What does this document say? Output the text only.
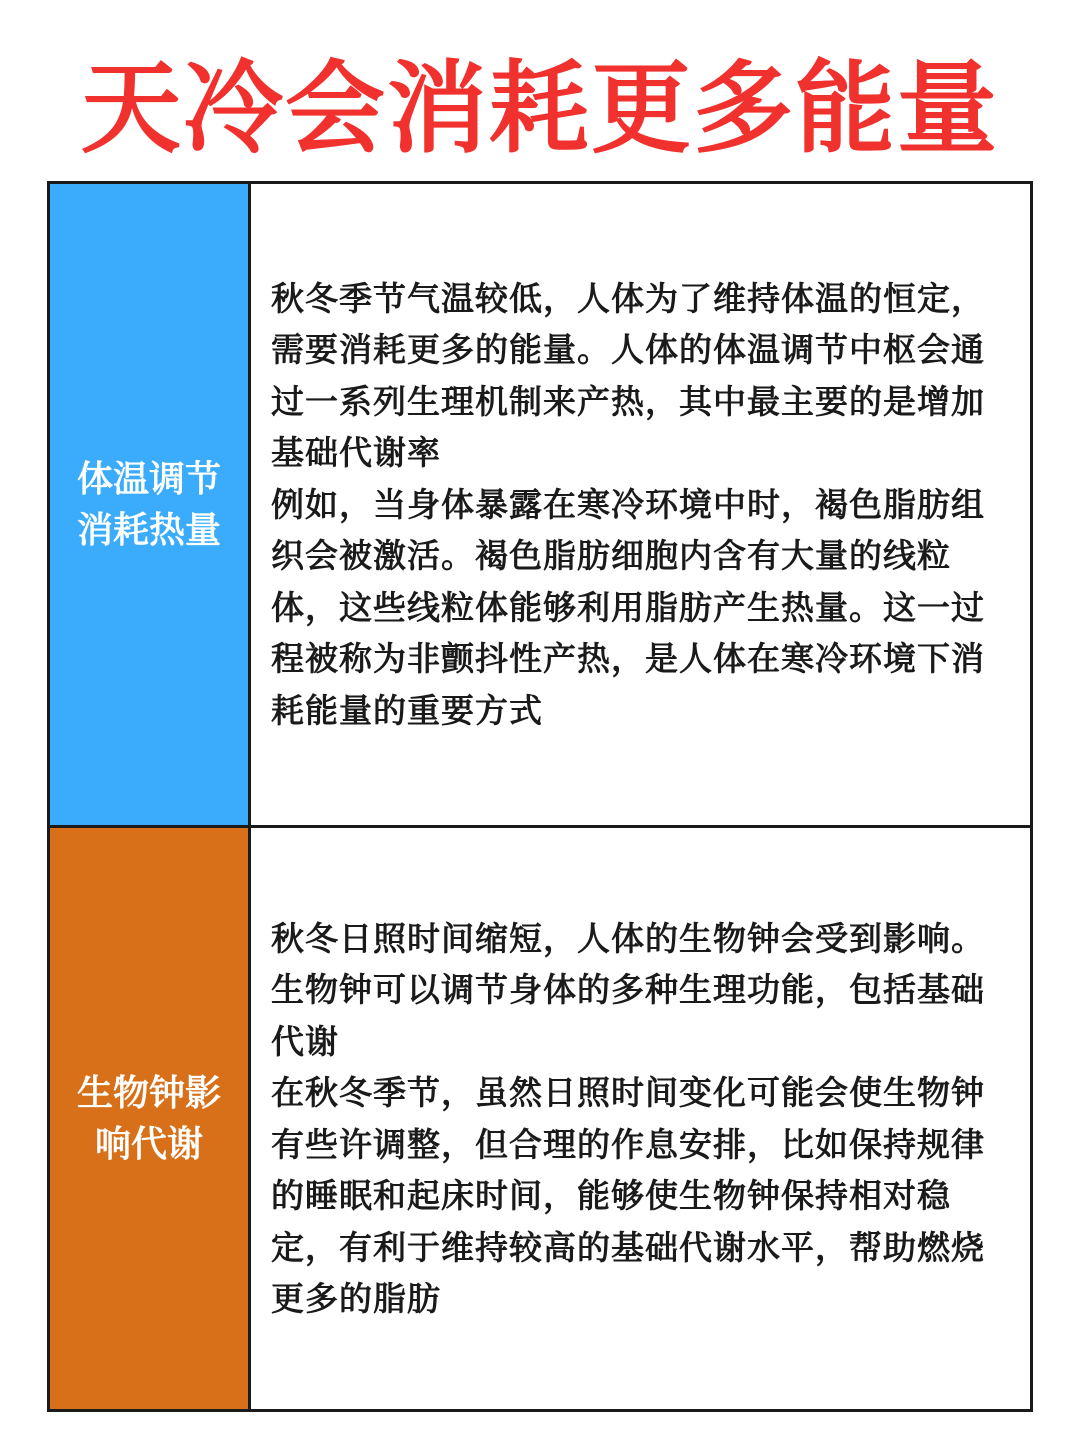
天冷会消耗更多能量
体温调节消耗热量

秋冬季节气温较低，人体为了维持体温的恒定，需要消耗更多的能量。人体的体温调节中枢会通过一系列生理机制来产热，其中最主要的是增加基础代谢率

例如，当身体暴露在寒冷环境中时，褐色脂肪组织会被激活。褐色脂肪细胞内含有大量的线粒体，这些线粒体能够利用脂肪产生热量。这一过程被称为非颤抖性产热，是人体在寒冷环境下消耗能量的重要方式

生物钟影响代谢

秋冬日照时间缩短，人体的生物钟会受到影响。生物钟可以调节身体的多种生理功能，包括基础代谢

在秋冬季节，虽然日照时间变化可能会使生物钟有些许调整，但合理的作息安排，比如保持规律的睡眠和起床时间，能够使生物钟保持相对稳定，有利于维持较高的基础代谢水平，帮助燃烧更多的脂肪
